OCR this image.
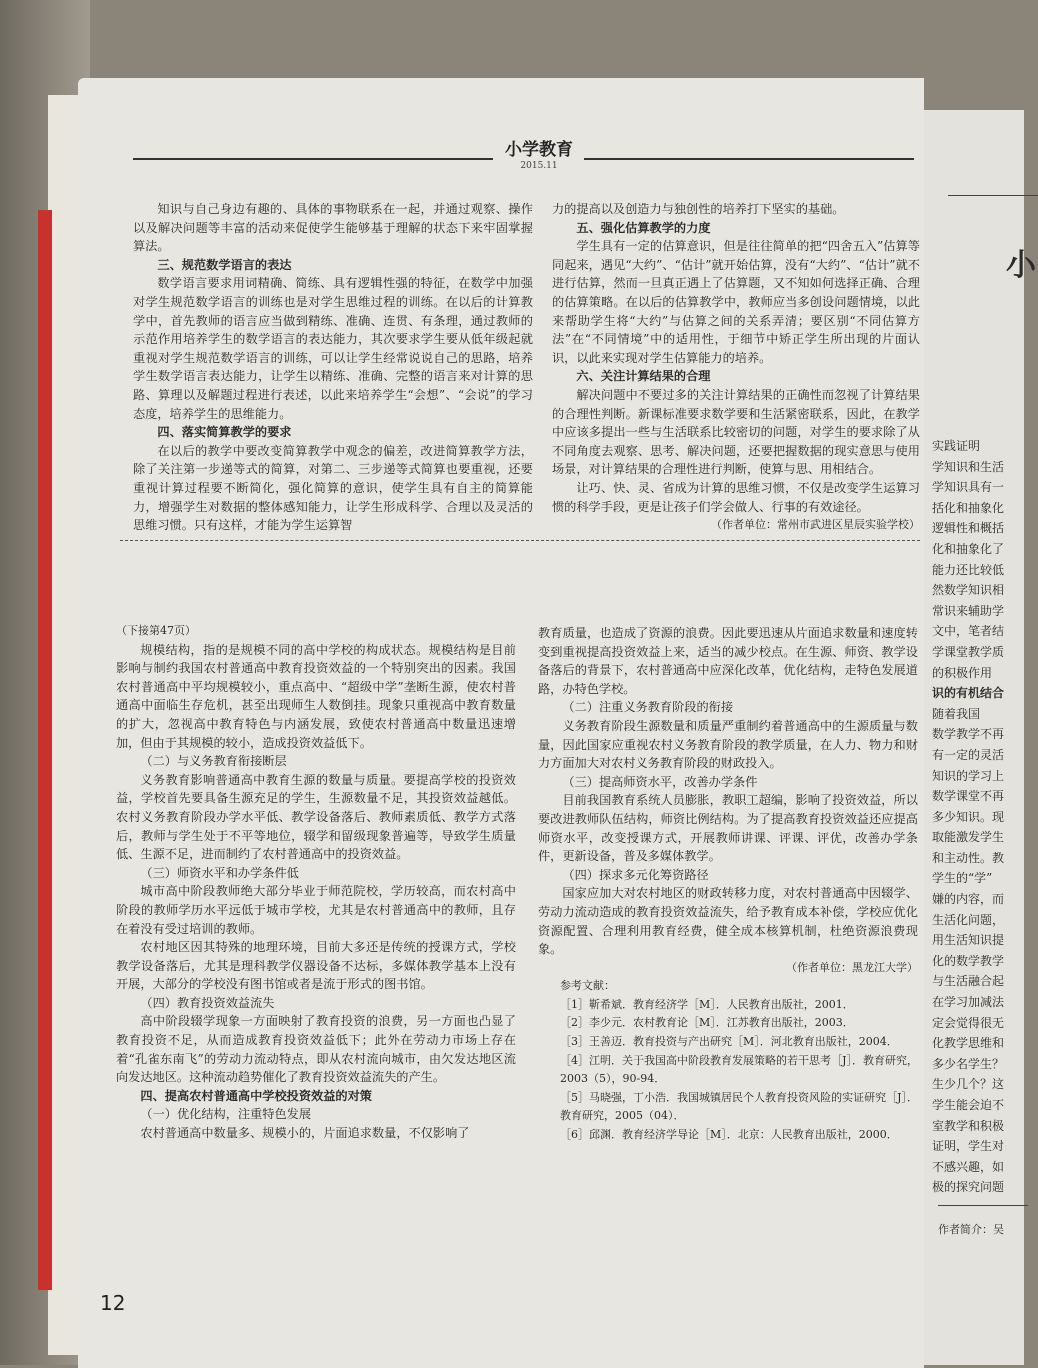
小

实践证明

学知识和生活

学知识具有一

括化和抽象化

逻辑性和概括

化和抽象化了

能力还比较低

然数学知识相

常识来辅助学

文中，笔者结

学课堂教学质

的积极作用

识的有机结合

随着我国

数学教学不再

有一定的灵活

知识的学习上

数学课堂不再

多少知识。现

取能激发学生

和主动性。教

学生的“学”

嫌的内容，而

生活化问题，

用生活知识提

化的数学教学

与生活融合起

在学习加减法

定会觉得很无

化教学思维和

多少名学生？

生少几个？这

学生能会迫不

室教学和积极

证明，学生对

不感兴趣，如

极的探究问题

作者简介：吴
小学教育
2015.11

知识与自己身边有趣的、具体的事物联系在一起，并通过观察、操作以及解决问题等丰富的活动来促使学生能够基于理解的状态下来牢固掌握算法。

三、规范数学语言的表达

数学语言要求用词精确、简练、具有逻辑性强的特征，在数学中加强对学生规范数学语言的训练也是对学生思维过程的训练。在以后的计算教学中，首先教师的语言应当做到精练、准确、连贯、有条理，通过教师的示范作用培养学生的数学语言的表达能力，其次要求学生要从低年级起就重视对学生规范数学语言的训练，可以让学生经常说说自己的思路，培养学生数学语言表达能力，让学生以精练、准确、完整的语言来对计算的思路、算理以及解题过程进行表述，以此来培养学生“会想”、“会说”的学习态度，培养学生的思维能力。

四、落实简算教学的要求

在以后的教学中要改变简算教学中观念的偏差，改进简算教学方法，除了关注第一步递等式的简算，对第二、三步递等式简算也要重视，还要重视计算过程要不断简化，强化简算的意识，使学生具有自主的简算能力，增强学生对数据的整体感知能力，让学生形成科学、合理以及灵活的思维习惯。只有这样，才能为学生运算智

力的提高以及创造力与独创性的培养打下坚实的基础。

五、强化估算教学的力度

学生具有一定的估算意识，但是往往简单的把“四舍五入”估算等同起来，遇见“大约”、“估计”就开始估算，没有“大约”、“估计”就不进行估算，然而一旦真正遇上了估算题，又不知如何选择正确、合理的估算策略。在以后的估算教学中，教师应当多创设问题情境，以此来帮助学生将“大约”与估算之间的关系弄清；要区别“不同估算方法”在“不同情境”中的适用性，于细节中矫正学生所出现的片面认识，以此来实现对学生估算能力的培养。

六、关注计算结果的合理

解决问题中不要过多的关注计算结果的正确性而忽视了计算结果的合理性判断。新课标准要求数学要和生活紧密联系，因此，在教学中应该多提出一些与生活联系比较密切的问题，对学生的要求除了从不同角度去观察、思考、解决问题，还要把握数据的现实意思与使用场景，对计算结果的合理性进行判断，使算与思、用相结合。

让巧、快、灵、省成为计算的思维习惯，不仅是改变学生运算习惯的科学手段，更是让孩子们学会做人、行事的有效途径。

（作者单位：常州市武进区星辰实验学校）

（下接第47页）

规模结构，指的是规模不同的高中学校的构成状态。规模结构是目前影响与制约我国农村普通高中教育投资效益的一个特别突出的因素。我国农村普通高中平均规模较小，重点高中、“超级中学”垄断生源，使农村普通高中面临生存危机，甚至出现师生人数倒挂。现象只重视高中教育数量的扩大，忽视高中教育特色与内涵发展，致使农村普通高中数量迅速增加，但由于其规模的较小，造成投资效益低下。

（二）与义务教育衔接断层

义务教育影响普通高中教育生源的数量与质量。要提高学校的投资效益，学校首先要具备生源充足的学生，生源数量不足，其投资效益越低。农村义务教育阶段办学水平低、教学设备落后、教师素质低、教学方式落后，教师与学生处于不平等地位，辍学和留级现象普遍等，导致学生质量低、生源不足，进而制约了农村普通高中的投资效益。

（三）师资水平和办学条件低

城市高中阶段教师绝大部分毕业于师范院校，学历较高，而农村高中阶段的教师学历水平远低于城市学校，尤其是农村普通高中的教师，且存在着没有受过培训的教师。

农村地区因其特殊的地理环境，目前大多还是传统的授课方式，学校教学设备落后，尤其是理科教学仪器设备不达标，多媒体教学基本上没有开展，大部分的学校没有图书馆或者是流于形式的图书馆。

（四）教育投资效益流失

高中阶段辍学现象一方面映射了教育投资的浪费，另一方面也凸显了教育投资不足，从而造成教育投资效益低下；此外在劳动力市场上存在着“孔雀东南飞”的劳动力流动特点，即从农村流向城市，由欠发达地区流向发达地区。这种流动趋势催化了教育投资效益流失的产生。

四、提高农村普通高中学校投资效益的对策

（一）优化结构，注重特色发展

农村普通高中数量多、规模小的，片面追求数量，不仅影响了

教育质量，也造成了资源的浪费。因此要迅速从片面追求数量和速度转变到重视提高投资效益上来，适当的减少校点。在生源、师资、教学设备落后的背景下，农村普通高中应深化改革，优化结构，走特色发展道路，办特色学校。

（二）注重义务教育阶段的衔接

义务教育阶段生源数量和质量严重制约着普通高中的生源质量与数量，因此国家应重视农村义务教育阶段的教学质量，在人力、物力和财力方面加大对农村义务教育阶段的财政投入。

（三）提高师资水平，改善办学条件

目前我国教育系统人员膨胀，教职工超编，影响了投资效益，所以要改进教师队伍结构，师资比例结构。为了提高教育投资效益还应提高师资水平，改变授课方式，开展教师讲课、评课、评优，改善办学条件，更新设备，普及多媒体教学。

（四）探求多元化筹资路径

国家应加大对农村地区的财政转移力度，对农村普通高中因辍学、劳动力流动造成的教育投资效益流失，给予教育成本补偿，学校应优化资源配置、合理利用教育经费，健全成本核算机制，杜绝资源浪费现象。

（作者单位：黑龙江大学）

参考文献：

［1］靳希斌．教育经济学［M］．人民教育出版社，2001．

［2］李少元．农村教育论［M］．江苏教育出版社，2003．

［3］王善迈．教育投资与产出研究［M］．河北教育出版社，2004．

［4］江明．关于我国高中阶段教育发展策略的若干思考［J］．教育研究，2003（5），90-94．

［5］马晓强，丁小浩．我国城镇居民个人教育投资风险的实证研究［J］．教育研究，2005（04）．

［6］邱渊．教育经济学导论［M］．北京：人民教育出版社，2000．

12
